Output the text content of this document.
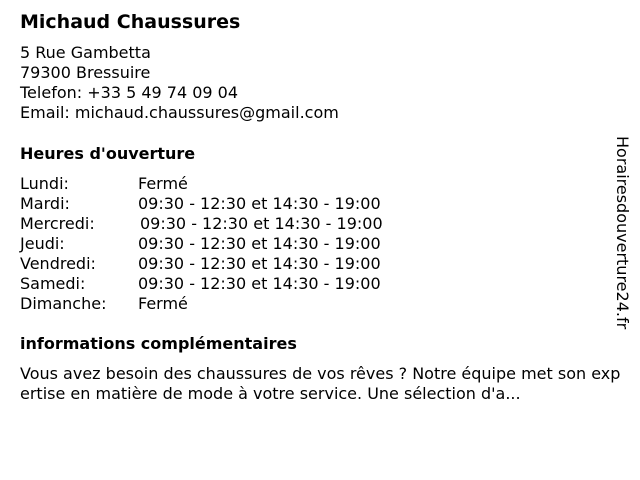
Michaud Chaussures
5 Rue Gambetta
79300 Bressuire
Telefon: +33 5 49 74 09 04
Email: michaud.chaussures@gmail.com
Heures d'ouverture
Lundi:	Fermé
Mardi:	09:30 - 12:30 et 14:30 - 19:00
Mercredi:	09:30 - 12:30 et 14:30 - 19:00
Jeudi:	09:30 - 12:30 et 14:30 - 19:00
Vendredi:	09:30 - 12:30 et 14:30 - 19:00
Samedi:	09:30 - 12:30 et 14:30 - 19:00
Dimanche: Fermé
informations complémentaires
Vous avez besoin des chaussures de vos rêves ? Notre équipe met son expertise en matière de mode à votre service. Une sélection d'a...
Horairesdouverture24.fr
